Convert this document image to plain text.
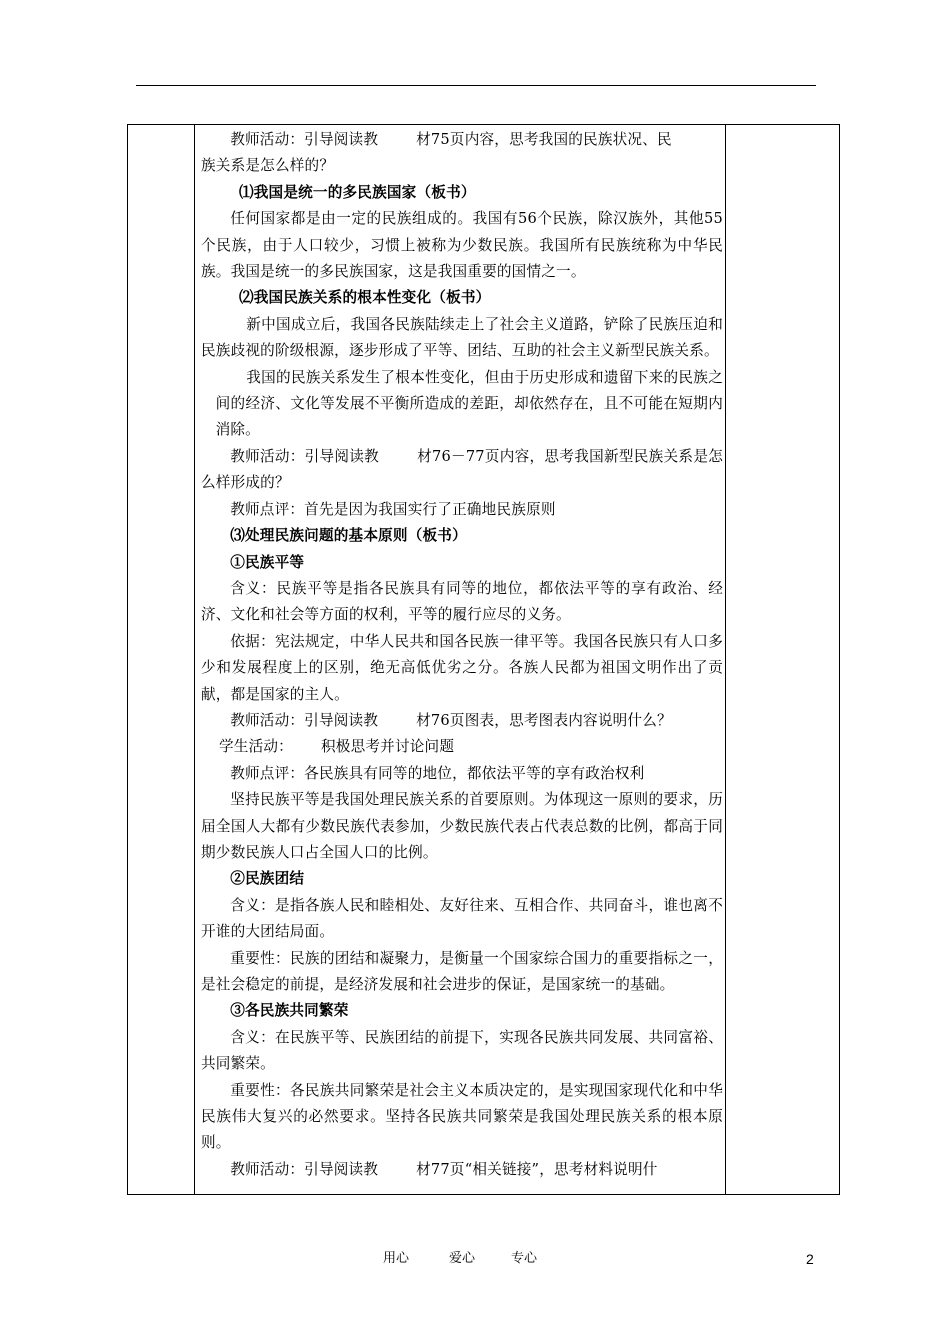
教师活动：引导阅读教	材75页内容，思考我国的民族状况、民

族关系是怎么样的？

⑴我国是统一的多民族国家（板书）

任何国家都是由一定的民族组成的。我国有56个民族，除汉族外，其他55个民族，由于人口较少，习惯上被称为少数民族。我国所有民族统称为中华民族。我国是统一的多民族国家，这是我国重要的国情之一。

⑵我国民族关系的根本性变化（板书）

新中国成立后，我国各民族陆续走上了社会主义道路，铲除了民族压迫和民族歧视的阶级根源，逐步形成了平等、团结、互助的社会主义新型民族关系。

我国的民族关系发生了根本性变化，但由于历史形成和遗留下来的民族之间的经济、文化等发展不平衡所造成的差距，却依然存在，且不可能在短期内消除。

教师活动：引导阅读教	材76－77页内容，思考我国新型民族关系是怎么样形成的？

教师点评：首先是因为我国实行了正确地民族原则

⑶处理民族问题的基本原则（板书）

①民族平等

含义：民族平等是指各民族具有同等的地位，都依法平等的享有政治、经济、文化和社会等方面的权利，平等的履行应尽的义务。

依据：宪法规定，中华人民共和国各民族一律平等。我国各民族只有人口多少和发展程度上的区别，绝无高低优劣之分。各族人民都为祖国文明作出了贡献，都是国家的主人。

教师活动：引导阅读教	材76页图表，思考图表内容说明什么？

学生活动： 积极思考并讨论问题

教师点评：各民族具有同等的地位，都依法平等的享有政治权利

坚持民族平等是我国处理民族关系的首要原则。为体现这一原则的要求，历届全国人大都有少数民族代表参加，少数民族代表占代表总数的比例，都高于同期少数民族人口占全国人口的比例。

②民族团结

含义：是指各族人民和睦相处、友好往来、互相合作、共同奋斗，谁也离不开谁的大团结局面。

重要性：民族的团结和凝聚力，是衡量一个国家综合国力的重要指标之一，是社会稳定的前提，是经济发展和社会进步的保证，是国家统一的基础。

③各民族共同繁荣

含义：在民族平等、民族团结的前提下，实现各民族共同发展、共同富裕、共同繁荣。

重要性：各民族共同繁荣是社会主义本质决定的，是实现国家现代化和中华民族伟大复兴的必然要求。坚持各民族共同繁荣是我国处理民族关系的根本原则。

教师活动：引导阅读教	材77页“相关链接”，思考材料说明什

用心	爱心	专心	2
